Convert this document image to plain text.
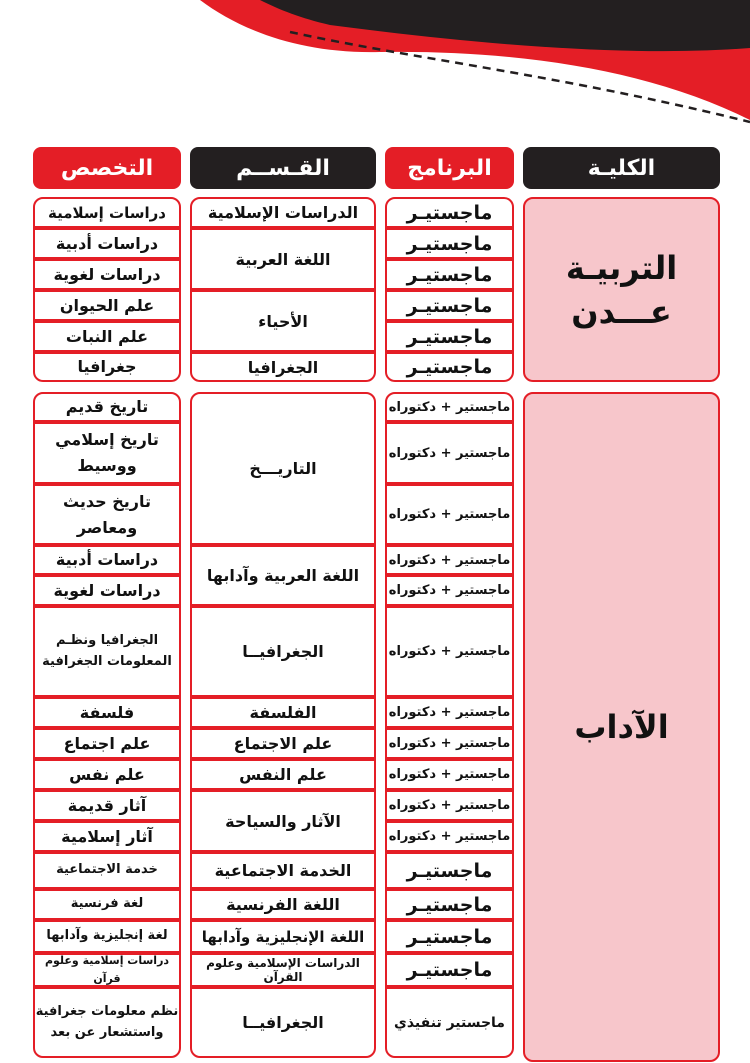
الكليـة
البرنامج
القـســم
التخصص
التربيـة
عـــدن
الآداب
ماجستيـر
ماجستيـر
ماجستيـر
ماجستيـر
ماجستيـر
ماجستيـر
ماجستير + دكتوراه
ماجستير + دكتوراه
ماجستير + دكتوراه
ماجستير + دكتوراه
ماجستير + دكتوراه
ماجستير + دكتوراه
ماجستير + دكتوراه
ماجستير + دكتوراه
ماجستير + دكتوراه
ماجستير + دكتوراه
ماجستير + دكتوراه
ماجستيـر
ماجستيـر
ماجستيـر
ماجستيـر
ماجستير تنفيذي
الدراسات الإسلامية
اللغة العربية
الأحياء
الجغرافيا
التاريـــخ
اللغة العربية وآدابها
الجغرافيــا
الفلسفة
علم الاجتماع
علم النفس
الآثار والسياحة
الخدمة الاجتماعية
اللغة الفرنسية
اللغة الإنجليزية وآدابها
الدراسات الإسلامية وعلوم القرآن
الجغرافيــا
دراسات إسلامية
دراسات أدبية
دراسات لغوية
علم الحيوان
علم النبات
جغرافيا
تاريخ قديم
تاريخ إسلامي ووسيط
تاريخ حديث ومعاصر
دراسات أدبية
دراسات لغوية
الجغرافيا ونظـم المعلومات الجغرافية
فلسفة
علم اجتماع
علم نفس
آثار قديمة
آثار إسلامية
خدمة الاجتماعية
لغة فرنسية
لغة إنجليزية وآدابها
دراسات إسلامية وعلوم قرآن
نظم معلومات جغرافية واستشعار عن بعد
